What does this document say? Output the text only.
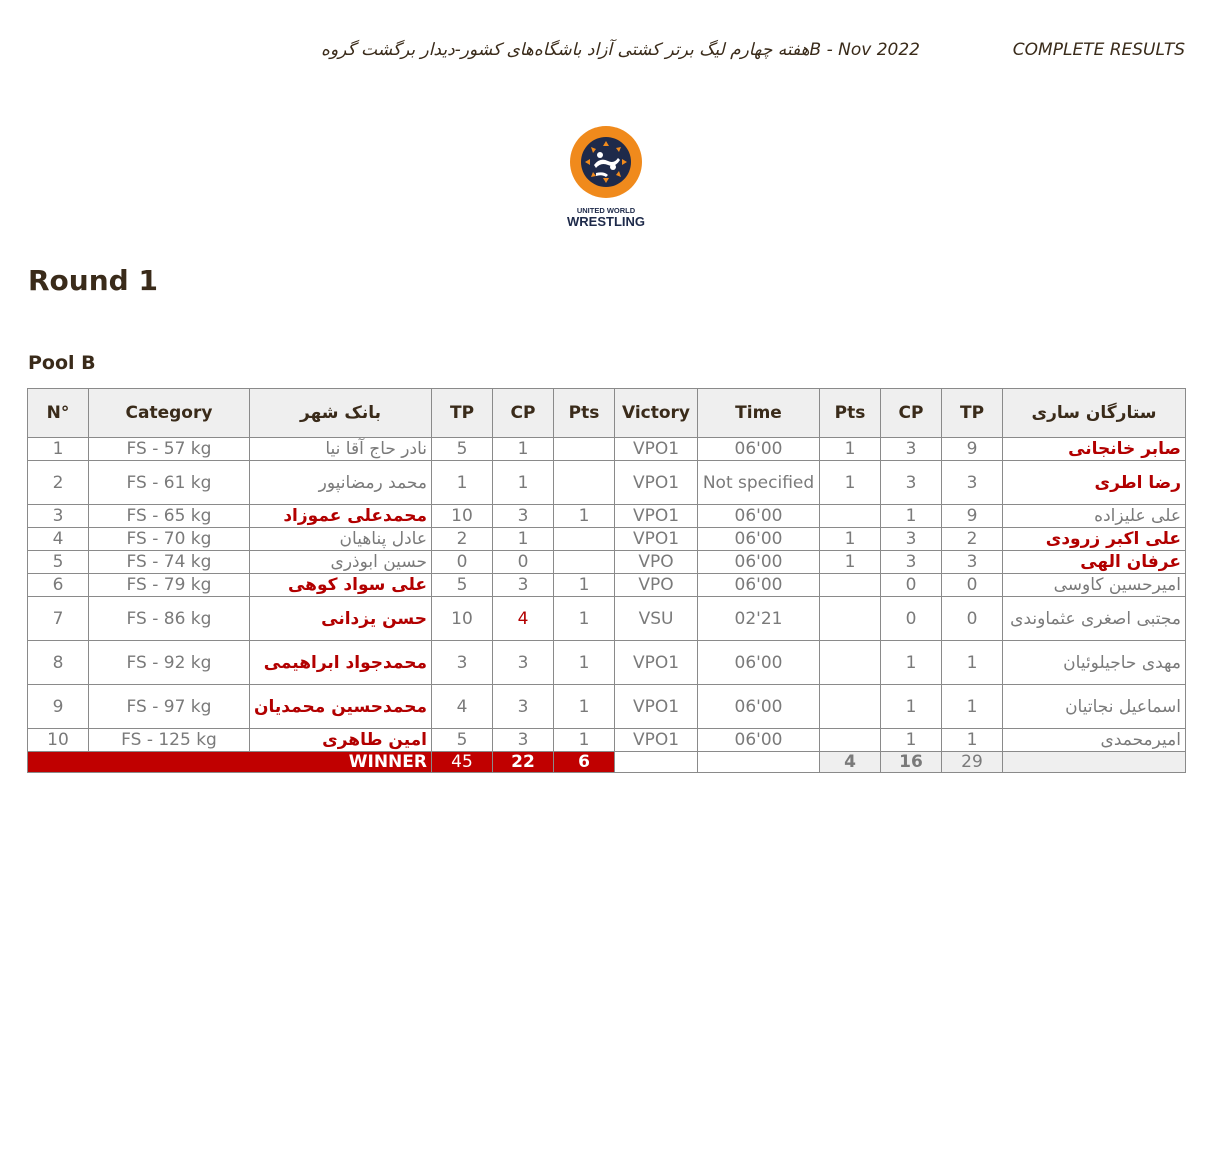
هفته چهارم لیگ برتر کشتی آزاد باشگاه‌های کشور-دیدار برگشت گروهB - Nov 2022	COMPLETE RESULTS
UNITED WORLD
WRESTLING
Round 1
Pool B
N°	Category	بانک شهر	TP	CP	Pts	Victory	Time	Pts	CP	TP	ستارگان ساری
1	FS - 57 kg	نادر حاج آقا نیا	5	1		VPO1	06'00	1	3	9	صابر خانجانی
2	FS - 61 kg	محمد رمضانپور	1	1		VPO1	Not specified	1	3	3	رضا اطری
3	FS - 65 kg	محمدعلی عموزاد	10	3	1	VPO1	06'00		1	9	علی علیزاده
4	FS - 70 kg	عادل پناهیان	2	1		VPO1	06'00	1	3	2	علی اکبر زرودی
5	FS - 74 kg	حسین ابوذری	0	0		VPO	06'00	1	3	3	عرفان الهی
6	FS - 79 kg	علی سواد کوهی	5	3	1	VPO	06'00		0	0	امیرحسین کاوسی
7	FS - 86 kg	حسن یزدانی	10	4	1	VSU	02'21		0	0	مجتبی اصغری عثماوندی
8	FS - 92 kg	محمدجواد ابراهیمی	3	3	1	VPO1	06'00		1	1	مهدی حاجیلوئیان
9	FS - 97 kg	محمدحسین محمدیان	4	3	1	VPO1	06'00		1	1	اسماعیل نجاتیان
10	FS - 125 kg	امین طاهری	5	3	1	VPO1	06'00		1	1	امیرمحمدی
WINNER			45	22	6			4	16	29	
